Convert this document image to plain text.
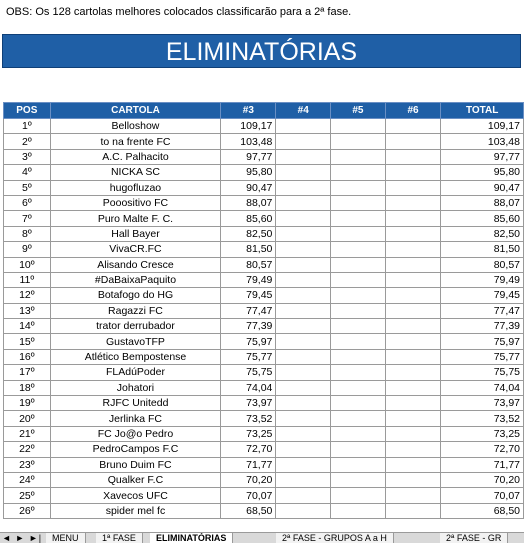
OBS: Os 128 cartolas melhores colocados classificarão para a 2ª fase.
ELIMINATÓRIAS
POS	CARTOLA	#3	#4	#5	#6	TOTAL
1º	Belloshow	109,17				109,17
2º	to na frente FC	103,48				103,48
3º	A.C. Palhacito	97,77				97,77
4º	NICKA SC	95,80				95,80
5º	hugofluzao	90,47				90,47
6º	Pooositivo FC	88,07				88,07
7º	Puro Malte F. C.	85,60				85,60
8º	Hall Bayer	82,50				82,50
9º	VivaCR.FC	81,50				81,50
10º	Alisando Cresce	80,57				80,57
11º	#DaBaixaPaquito	79,49				79,49
12º	Botafogo do HG	79,45				79,45
13º	Ragazzi FC	77,47				77,47
14º	trator derrubador	77,39				77,39
15º	GustavoTFP	75,97				75,97
16º	Atlético Bempostense	75,77				75,77
17º	FLAdúPoder	75,75				75,75
18º	Johatori	74,04				74,04
19º	RJFC Unitedd	73,97				73,97
20º	Jerlinka FC	73,52				73,52
21º	FC Jo@o Pedro	73,25				73,25
22º	PedroCampos F.C	72,70				72,70
23º	Bruno Duim FC	71,77				71,77
24º	Qualker F.C	70,20				70,20
25º	Xavecos UFC	70,07				70,07
26º	spider mel fc	68,50				68,50
◄ ► ►|	MENU	1ª FASE	ELIMINATÓRIAS	2ª FASE - GRUPOS A a H	2ª FASE - GR
